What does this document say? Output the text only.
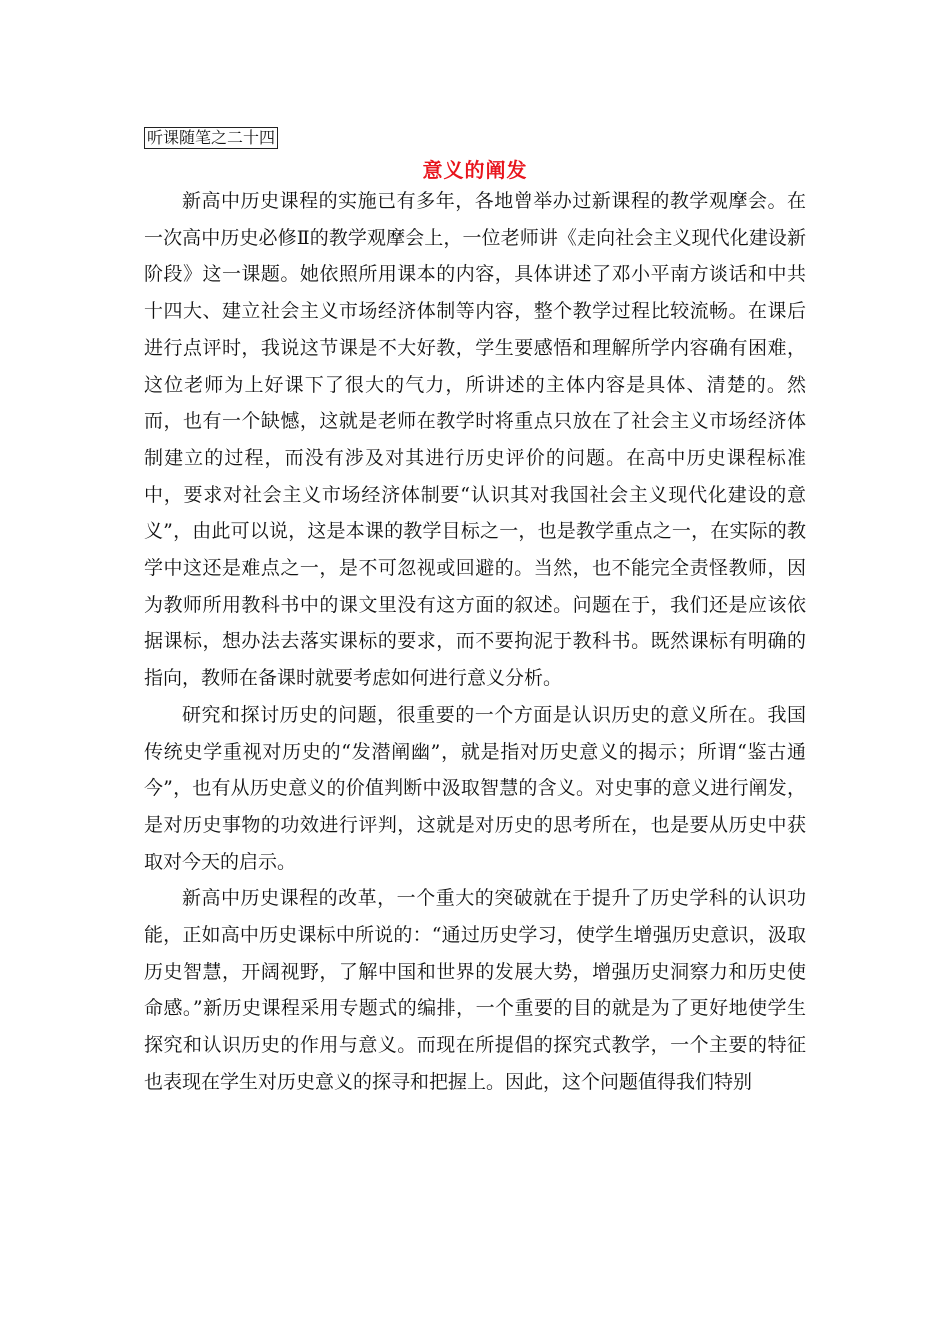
听课随笔之二十四
意义的阐发

新高中历史课程的实施已有多年，各地曾举办过新课程的教学观摩会。在一次高中历史必修Ⅱ的教学观摩会上，一位老师讲《走向社会主义现代化建设新阶段》这一课题。她依照所用课本的内容，具体讲述了邓小平南方谈话和中共十四大、建立社会主义市场经济体制等内容，整个教学过程比较流畅。在课后进行点评时，我说这节课是不大好教，学生要感悟和理解所学内容确有困难，这位老师为上好课下了很大的气力，所讲述的主体内容是具体、清楚的。然而，也有一个缺憾，这就是老师在教学时将重点只放在了社会主义市场经济体制建立的过程，而没有涉及对其进行历史评价的问题。在高中历史课程标准中，要求对社会主义市场经济体制要“认识其对我国社会主义现代化建设的意义”，由此可以说，这是本课的教学目标之一，也是教学重点之一，在实际的教学中这还是难点之一，是不可忽视或回避的。当然，也不能完全责怪教师，因为教师所用教科书中的课文里没有这方面的叙述。问题在于，我们还是应该依据课标，想办法去落实课标的要求，而不要拘泥于教科书。既然课标有明确的指向，教师在备课时就要考虑如何进行意义分析。

研究和探讨历史的问题，很重要的一个方面是认识历史的意义所在。我国传统史学重视对历史的“发潜阐幽”，就是指对历史意义的揭示；所谓“鉴古通今”，也有从历史意义的价值判断中汲取智慧的含义。对史事的意义进行阐发，是对历史事物的功效进行评判，这就是对历史的思考所在，也是要从历史中获取对今天的启示。

新高中历史课程的改革，一个重大的突破就在于提升了历史学科的认识功能，正如高中历史课标中所说的：“通过历史学习，使学生增强历史意识，汲取历史智慧，开阔视野，了解中国和世界的发展大势，增强历史洞察力和历史使命感。”新历史课程采用专题式的编排，一个重要的目的就是为了更好地使学生探究和认识历史的作用与意义。而现在所提倡的探究式教学，一个主要的特征也表现在学生对历史意义的探寻和把握上。因此，这个问题值得我们特别
